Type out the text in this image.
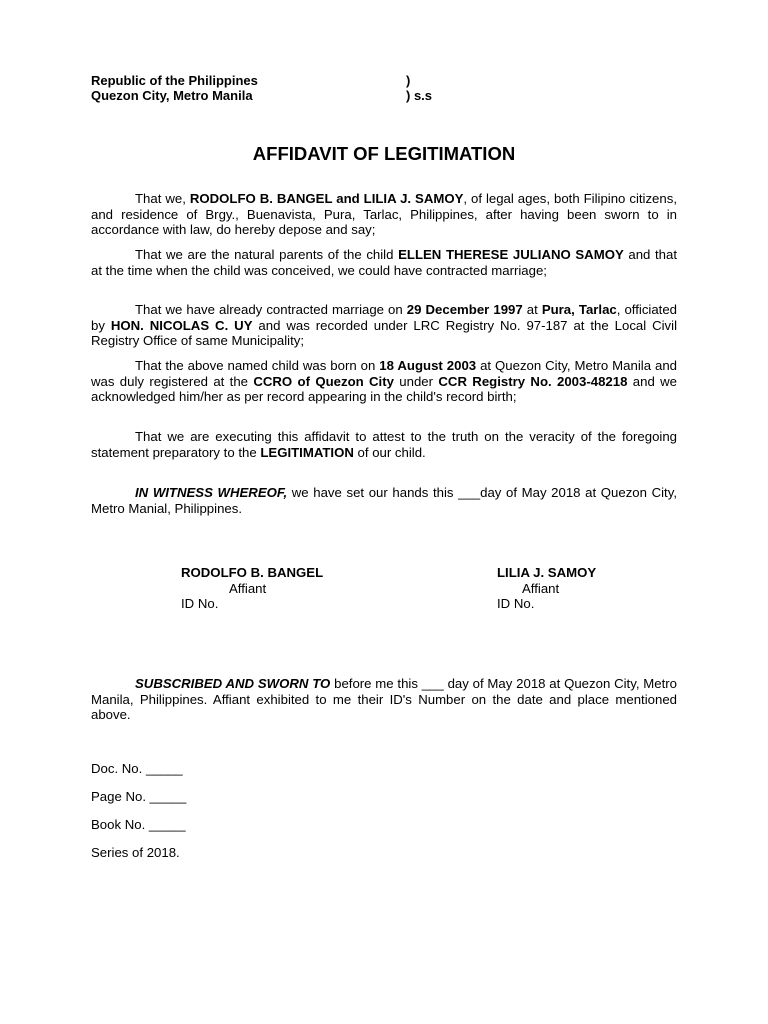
Republic of the Philippines
Quezon City, Metro Manila
)
) s.s
AFFIDAVIT OF LEGITIMATION

That we, RODOLFO B. BANGEL and LILIA J. SAMOY, of legal ages, both Filipino citizens, and residence of Brgy., Buenavista, Pura, Tarlac, Philippines, after having been sworn to in accordance with law, do hereby depose and say;

That we are the natural parents of the child ELLEN THERESE JULIANO SAMOY and that at the time when the child was conceived, we could have contracted marriage;

That we have already contracted marriage on 29 December 1997 at Pura, Tarlac, officiated by HON. NICOLAS C. UY and was recorded under LRC Registry No. 97-187 at the Local Civil Registry Office of same Municipality;

That the above named child was born on 18 August 2003 at Quezon City, Metro Manila and was duly registered at the CCRO of Quezon City under CCR Registry No. 2003-48218 and we acknowledged him/her as per record appearing in the child's record birth;

That we are executing this affidavit to attest to the truth on the veracity of the foregoing statement preparatory to the LEGITIMATION of our child.

IN WITNESS WHEREOF, we have set our hands this ___day of May 2018 at Quezon City, Metro Manial, Philippines.

RODOLFO B. BANGEL
Affiant
ID No.
LILIA J. SAMOY
Affiant
ID No.

SUBSCRIBED AND SWORN TO before me this ___ day of May 2018 at Quezon City, Metro Manila, Philippines. Affiant exhibited to me their ID's Number on the date and place mentioned above.

Doc. No. _____
Page No. _____
Book No. _____
Series of 2018.
